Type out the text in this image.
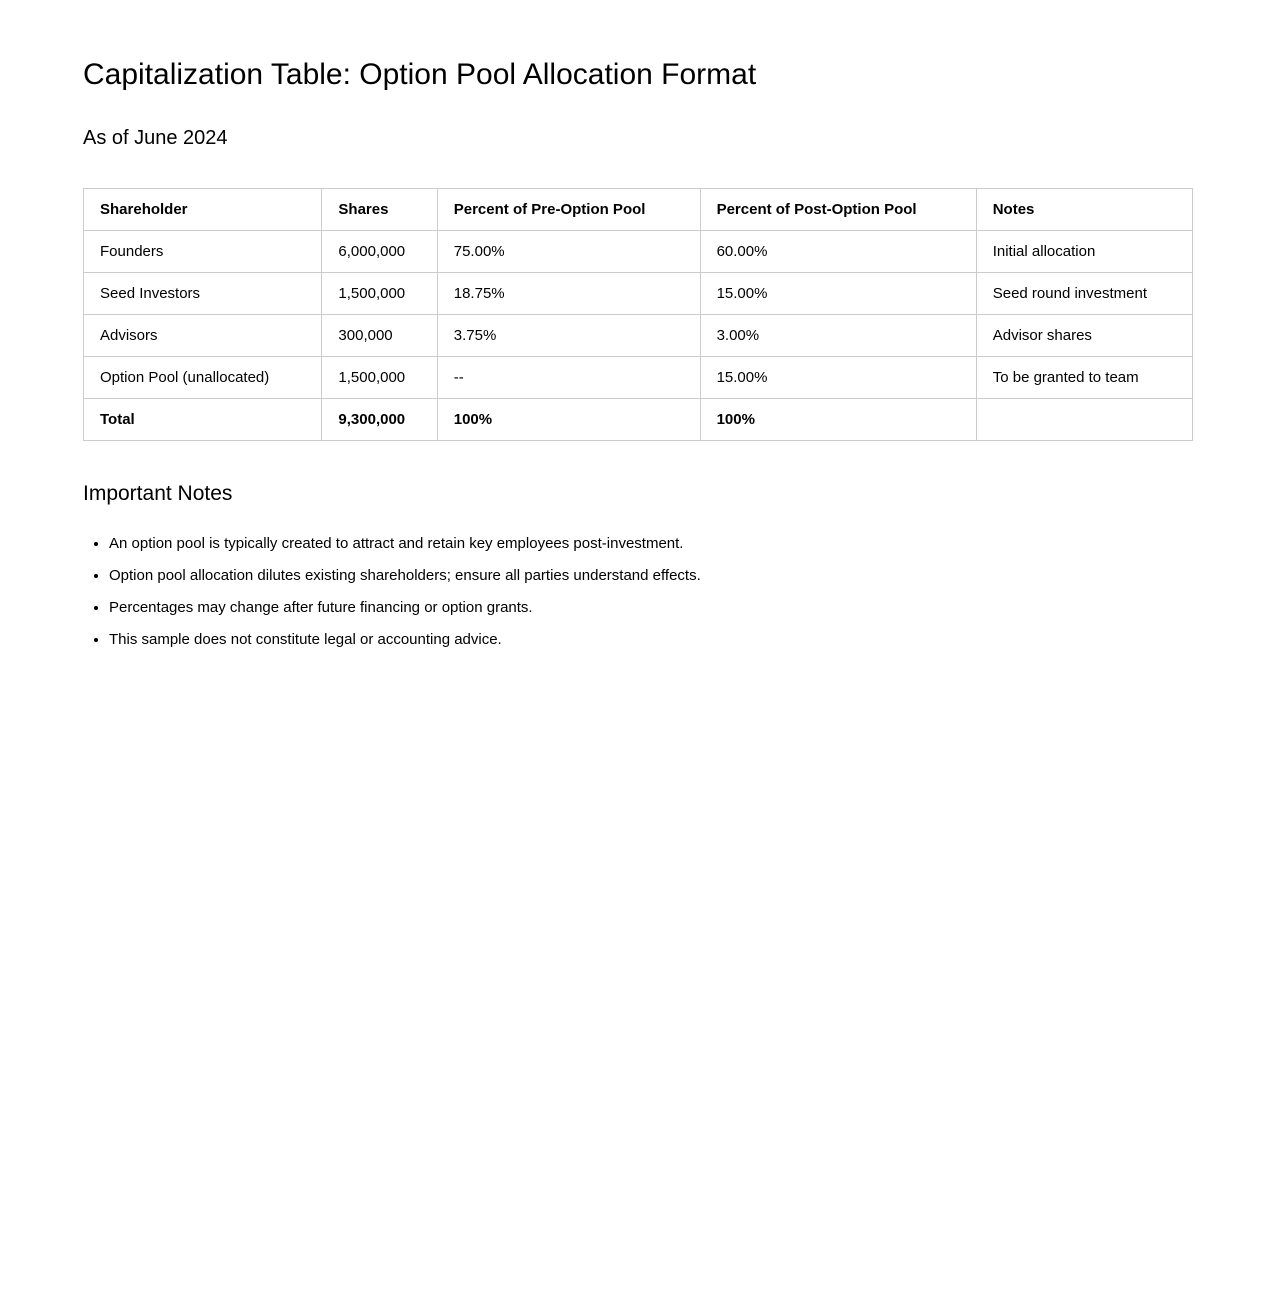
Capitalization Table: Option Pool Allocation Format
As of June 2024
Shareholder	Shares	Percent of Pre-Option Pool	Percent of Post-Option Pool	Notes
Founders	6,000,000	75.00%	60.00%	Initial allocation
Seed Investors	1,500,000	18.75%	15.00%	Seed round investment
Advisors	300,000	3.75%	3.00%	Advisor shares
Option Pool (unallocated)	1,500,000	--	15.00%	To be granted to team
Total	9,300,000	100%	100%	
Important Notes
• An option pool is typically created to attract and retain key employees post-investment.
• Option pool allocation dilutes existing shareholders; ensure all parties understand effects.
• Percentages may change after future financing or option grants.
• This sample does not constitute legal or accounting advice.
